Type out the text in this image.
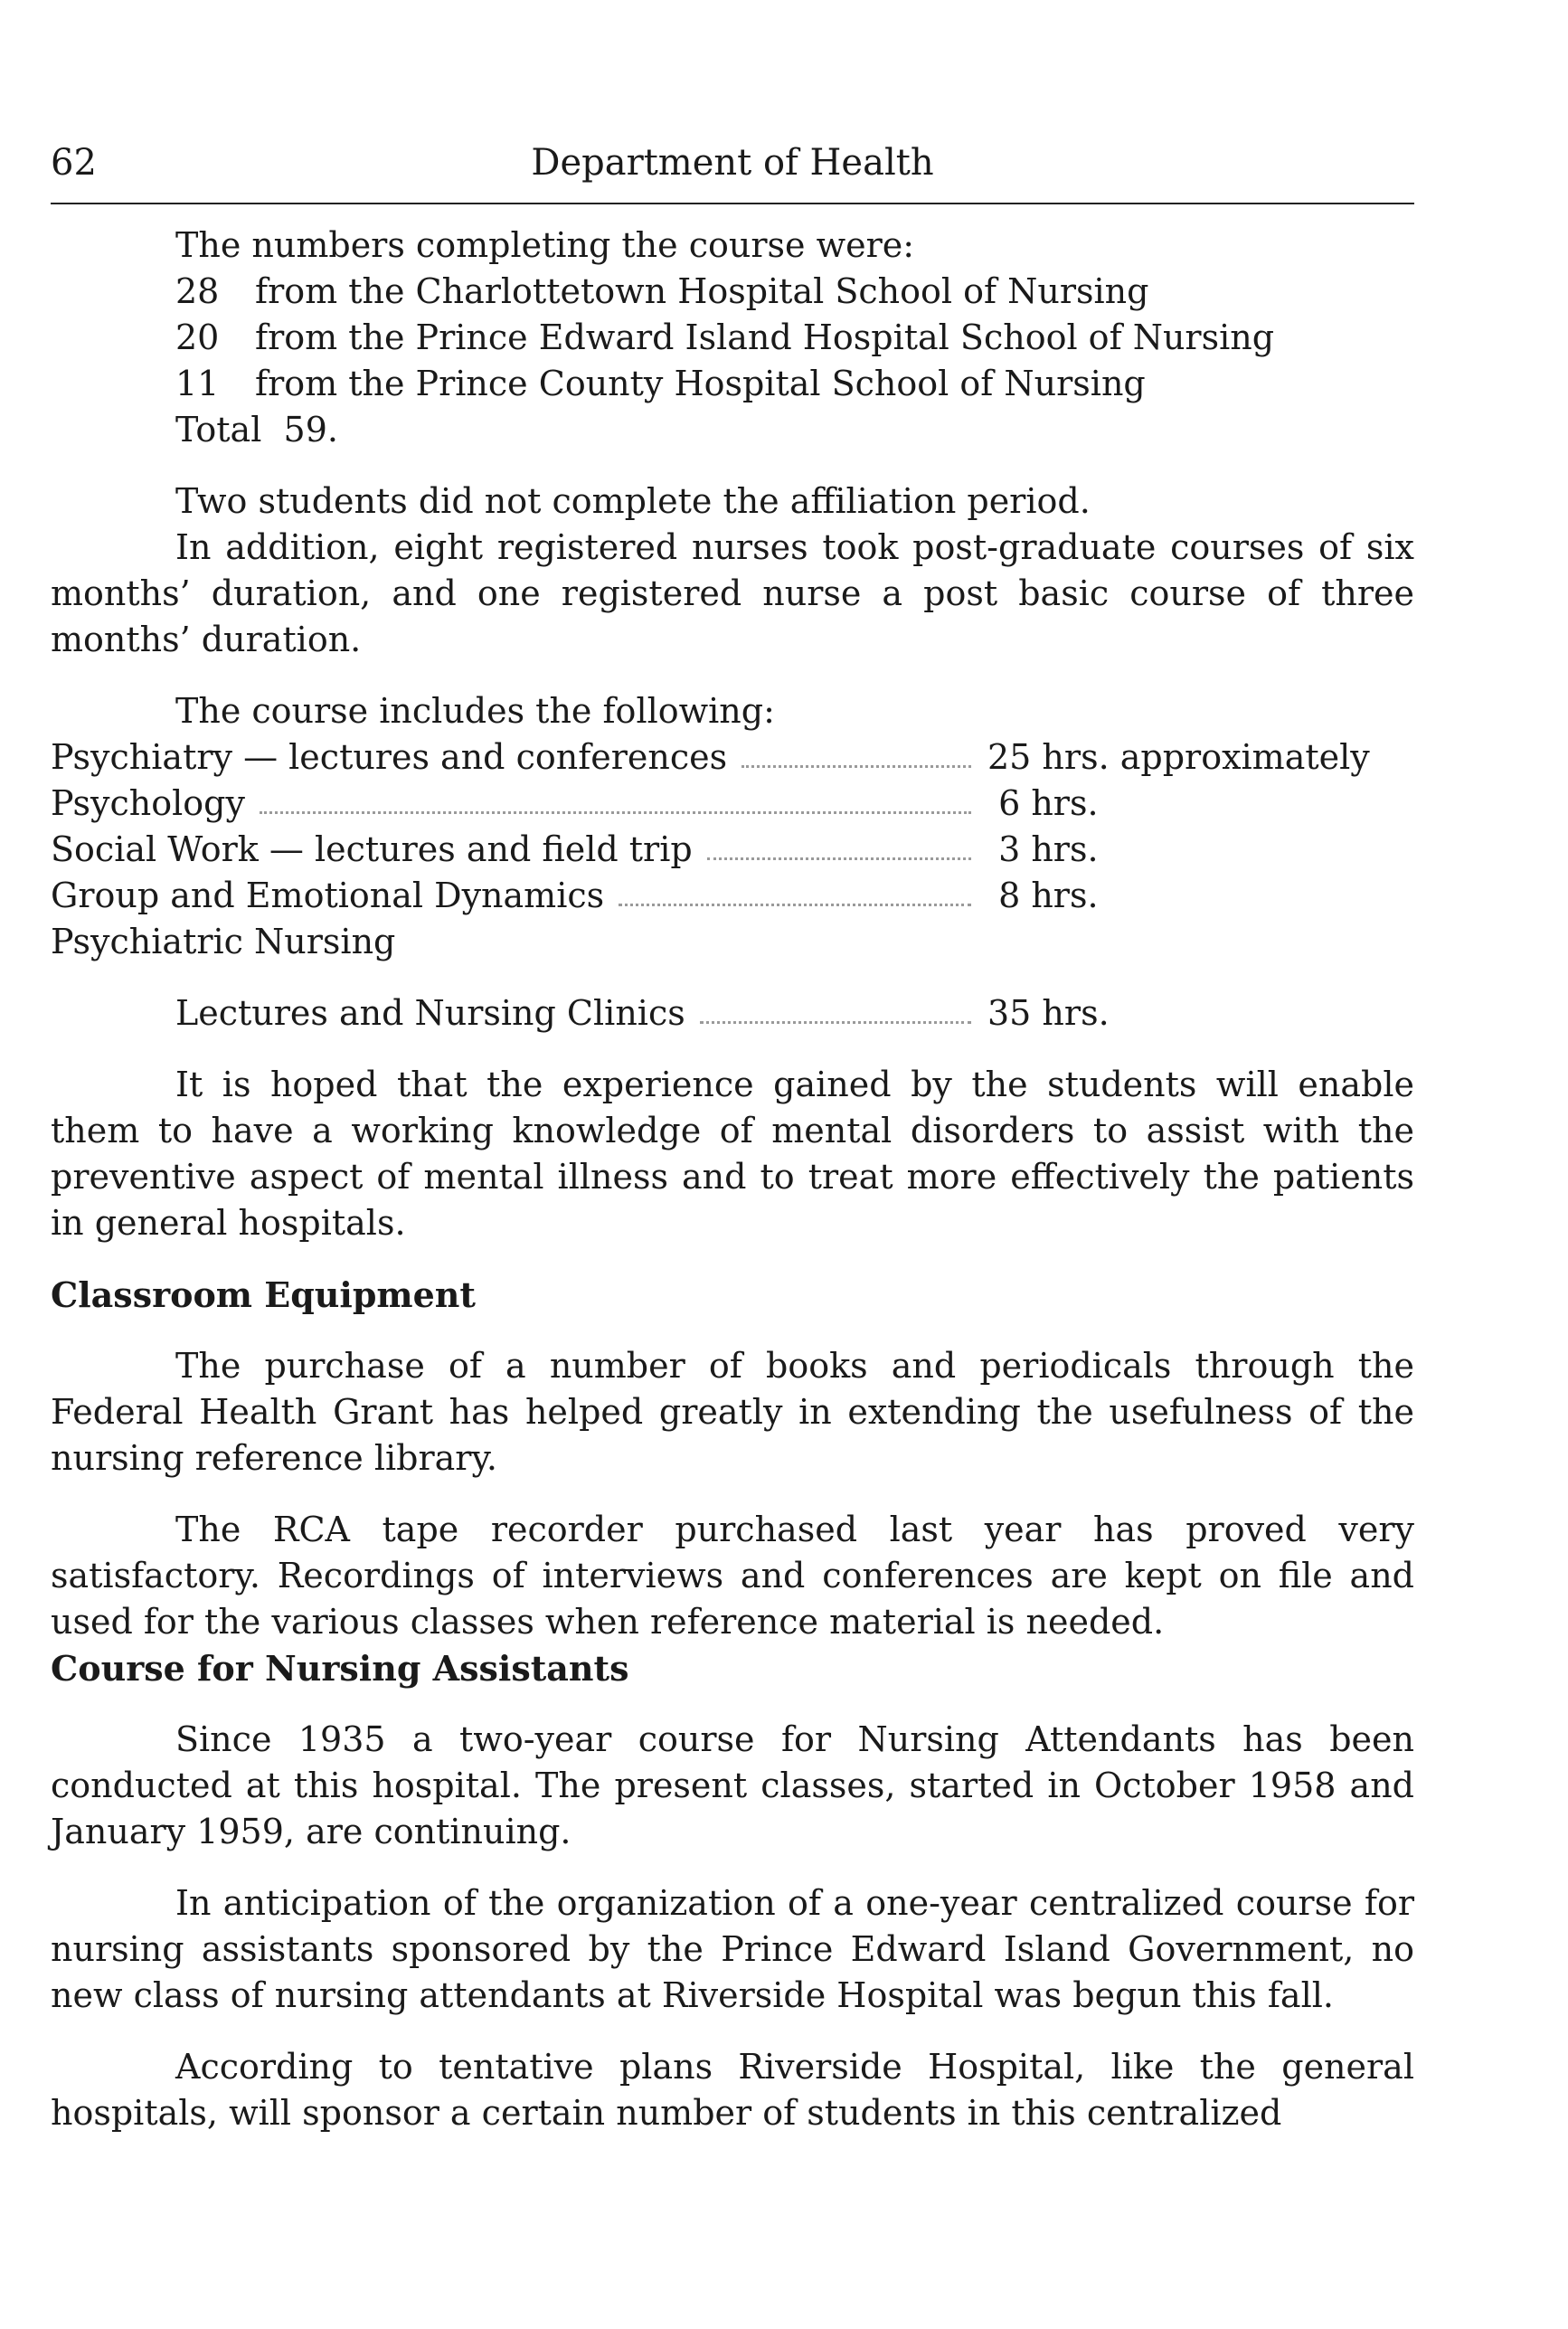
62	Department of Health
The numbers completing the course were:
28 from the Charlottetown Hospital School of Nursing
20 from the Prince Edward Island Hospital School of Nursing
11 from the Prince County Hospital School of Nursing
Total  59.

Two students did not complete the affiliation period.

In addition, eight registered nurses took post-graduate courses of six months’ duration, and one registered nurse a post basic course of three months’ duration.

The course includes the following:
Psychiatry — lectures and conferences	25 hrs. approximately
Psychology	6 hrs.
Social Work — lectures and field trip	3 hrs.
Group and Emotional Dynamics	8 hrs.
Psychiatric Nursing
Lectures and Nursing Clinics	35 hrs.

It is hoped that the experience gained by the students will enable them to have a working knowledge of mental disorders to assist with the preventive aspect of mental illness and to treat more effectively the patients in general hospitals.

Classroom Equipment

The purchase of a number of books and periodicals through the Federal Health Grant has helped greatly in extending the usefulness of the nursing reference library.

The RCA tape recorder purchased last year has proved very satisfactory. Recordings of interviews and conferences are kept on file and used for the various classes when reference material is needed.

Course for Nursing Assistants

Since 1935 a two-year course for Nursing Attendants has been conducted at this hospital. The present classes, started in October 1958 and January 1959, are continuing.

In anticipation of the organization of a one-year centralized course for nursing assistants sponsored by the Prince Edward Island Government, no new class of nursing attendants at Riverside Hospital was begun this fall.

According to tentative plans Riverside Hospital, like the general hospitals, will sponsor a certain number of students in this centralized
